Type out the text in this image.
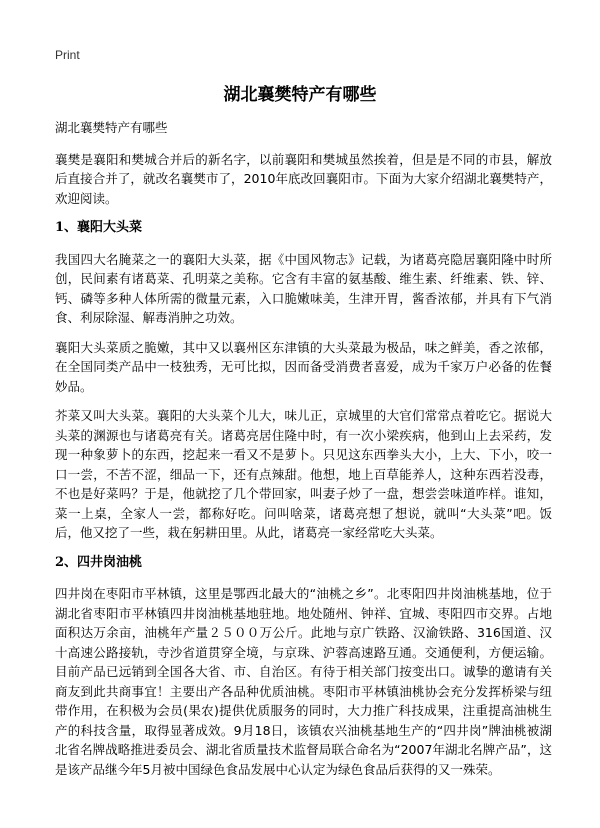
Print
湖北襄樊特产有哪些

湖北襄樊特产有哪些

襄樊是襄阳和樊城合并后的新名字，以前襄阳和樊城虽然挨着，但是是不同的市县，解放后直接合并了，就改名襄樊市了，2010年底改回襄阳市。下面为大家介绍湖北襄樊特产，欢迎阅读。

1、襄阳大头菜

我国四大名腌菜之一的襄阳大头菜，据《中国风物志》记载，为诸葛亮隐居襄阳隆中时所创，民间素有诸葛菜、孔明菜之美称。它含有丰富的氨基酸、维生素、纤维素、铁、锌、钙、磷等多种人体所需的微量元素，入口脆嫩味美，生津开胃，酱香浓郁，并具有下气消食、利尿除湿、解毒消肿之功效。

襄阳大头菜质之脆嫩，其中又以襄州区东津镇的大头菜最为极品，味之鲜美，香之浓郁，在全国同类产品中一枝独秀，无可比拟，因而备受消费者喜爱，成为千家万户必备的佐餐妙品。

芥菜又叫大头菜。襄阳的大头菜个儿大，味儿正，京城里的大官们常常点着吃它。据说大头菜的渊源也与诸葛亮有关。诸葛亮居住隆中时，有一次小梁疾病，他到山上去采药，发现一种象萝卜的东西，挖起来一看又不是萝卜。只见这东西拳头大小，上大、下小，咬一口一尝，不苦不涩，细品一下，还有点辣甜。他想，地上百草能养人，这种东西若没毒，不也是好菜吗？于是，他就挖了几个带回家，叫妻子炒了一盘，想尝尝味道咋样。谁知，菜一上桌，全家人一尝，都称好吃。问叫啥菜，诸葛亮想了想说，就叫“大头菜”吧。饭后，他又挖了一些，栽在躬耕田里。从此，诸葛亮一家经常吃大头菜。

2、四井岗油桃

四井岗在枣阳市平林镇，这里是鄂西北最大的“油桃之乡”。北枣阳四井岗油桃基地，位于湖北省枣阳市平林镇四井岗油桃基地驻地。地处随州、钟祥、宜城、枣阳四市交界。占地面积达万余亩，油桃年产量２５００万公斤。此地与京广铁路、汉渝铁路、316国道、汉十高速公路接轨，寺沙省道贯穿全境，与京珠、沪蓉高速路互通。交通便利，方便运输。目前产品已远销到全国各大省、市、自治区。有待于相关部门按变出口。诚挚的邀请有关商友到此共商事宜！主要出产各品种优质油桃。枣阳市平林镇油桃协会充分发挥桥梁与纽带作用，在积极为会员(果农)提供优质服务的同时，大力推广科技成果，注重提高油桃生产的科技含量，取得显著成效。9月18日，该镇农兴油桃基地生产的“四井岗”牌油桃被湖北省名牌战略推进委员会、湖北省质量技术监督局联合命名为“2007年湖北名牌产品”，这是该产品继今年5月被中国绿色食品发展中心认定为绿色食品后获得的又一殊荣。
